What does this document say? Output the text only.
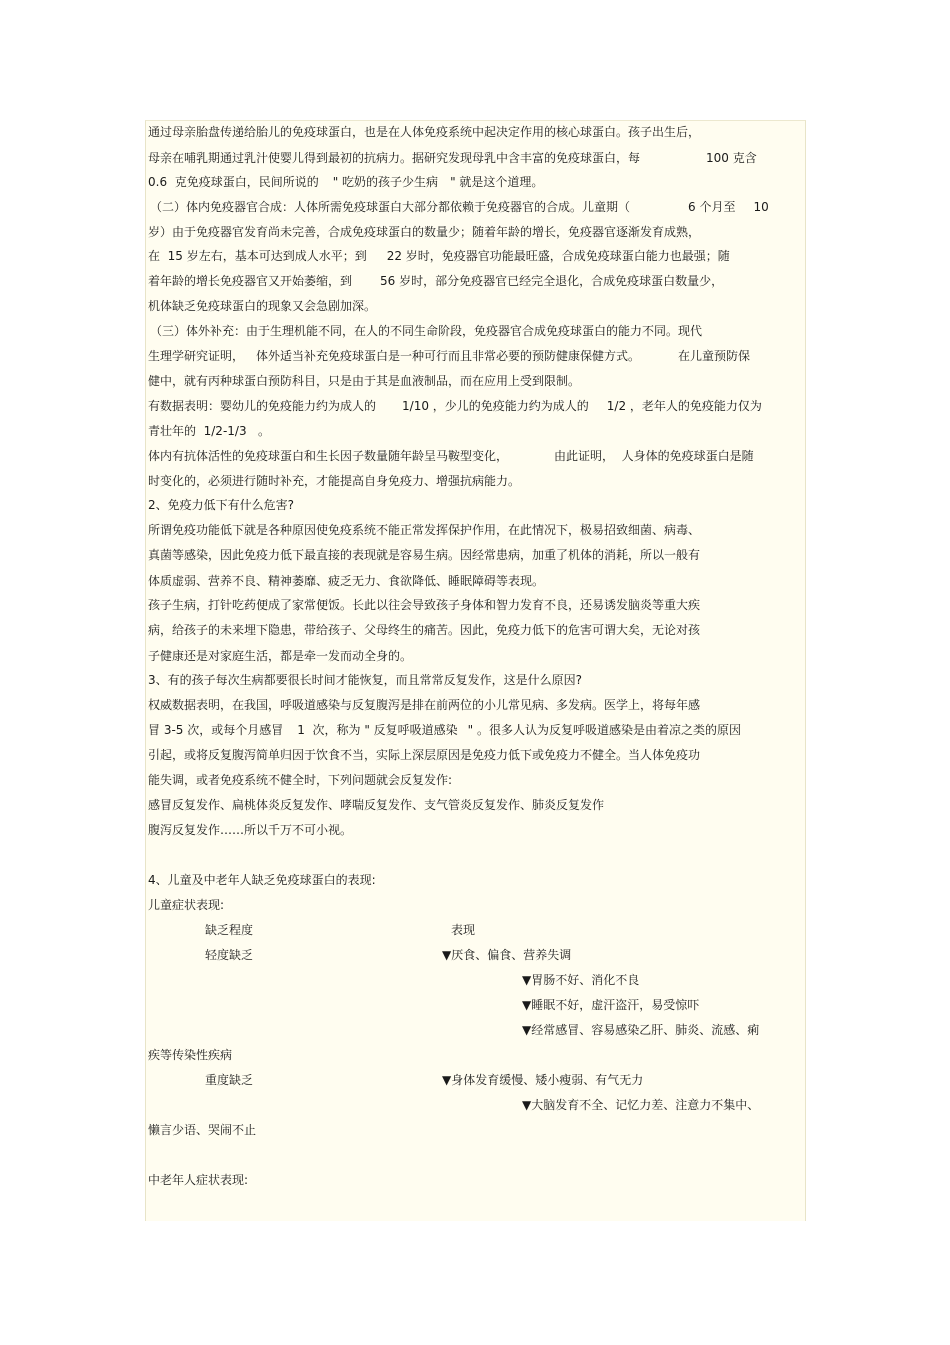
通过母亲胎盘传递给胎儿的免疫球蛋白，也是在人体免疫系统中起决定作用的核心球蛋白。孩子出生后，
母亲在哺乳期通过乳汁使婴儿得到最初的抗病力。据研究发现母乳中含丰富的免疫球蛋白，每	100 克含
0.6  克免疫球蛋白，民间所说的 " 吃奶的孩子少生病 " 就是这个道理。
（二）体内免疫器官合成：人体所需免疫球蛋白大部分都依赖于免疫器官的合成。儿童期（	6 个月至 10
岁）由于免疫器官发育尚未完善，合成免疫球蛋白的数量少；随着年龄的增长，免疫器官逐渐发育成熟，
在  15 岁左右，基本可达到成人水平；到 22 岁时，免疫器官功能最旺盛，合成免疫球蛋白能力也最强；随
着年龄的增长免疫器官又开始萎缩，到 56 岁时，部分免疫器官已经完全退化，合成免疫球蛋白数量少，
机体缺乏免疫球蛋白的现象又会急剧加深。
（三）体外补充：由于生理机能不同，在人的不同生命阶段，免疫器官合成免疫球蛋白的能力不同。现代
生理学研究证明， 体外适当补充免疫球蛋白是一种可行而且非常必要的预防健康保健方式。	在儿童预防保
健中，就有丙种球蛋白预防科目，只是由于其是血液制品，而在应用上受到限制。
有数据表明：婴幼儿的免疫能力约为成人的 1/10 ，少儿的免疫能力约为成人的 1/2 ，老年人的免疫能力仅为
青壮年的  1/2-1/3   。
体内有抗体活性的免疫球蛋白和生长因子数量随年龄呈马鞍型变化，	由此证明，  人身体的免疫球蛋白是随
时变化的，必须进行随时补充，才能提高自身免疫力、增强抗病能力。
2、免疫力低下有什么危害?
所谓免疫功能低下就是各种原因使免疫系统不能正常发挥保护作用，在此情况下，极易招致细菌、病毒、
真菌等感染，因此免疫力低下最直接的表现就是容易生病。因经常患病，加重了机体的消耗，所以一般有
体质虚弱、营养不良、精神萎靡、疲乏无力、食欲降低、睡眠障碍等表现。
孩子生病，打针吃药便成了家常便饭。长此以往会导致孩子身体和智力发育不良，还易诱发脑炎等重大疾
病，给孩子的未来埋下隐患，带给孩子、父母终生的痛苦。因此，免疫力低下的危害可谓大矣，无论对孩
子健康还是对家庭生活，都是牵一发而动全身的。
3、有的孩子每次生病都要很长时间才能恢复，而且常常反复发作，这是什么原因?
权威数据表明，在我国，呼吸道感染与反复腹泻是排在前两位的小儿常见病、多发病。医学上，将每年感
冒 3-5 次，或每个月感冒 1  次，称为 " 反复呼吸道感染 " 。很多人认为反复呼吸道感染是由着凉之类的原因
引起，或将反复腹泻简单归因于饮食不当，实际上深层原因是免疫力低下或免疫力不健全。当人体免疫功
能失调，或者免疫系统不健全时，下列问题就会反复发作:
感冒反复发作、扁桃体炎反复发作、哮喘反复发作、支气管炎反复发作、肺炎反复发作
腹泻反复发作……所以千万不可小视。
4、儿童及中老年人缺乏免疫球蛋白的表现:
儿童症状表现:
缺乏程度	表现
轻度缺乏	▼厌食、偏食、营养失调
▼胃肠不好、消化不良
▼睡眠不好，虚汗盗汗，易受惊吓
▼经常感冒、容易感染乙肝、肺炎、流感、痢
疾等传染性疾病
重度缺乏	▼身体发育缓慢、矮小瘦弱、有气无力
▼大脑发育不全、记忆力差、注意力不集中、
懒言少语、哭闹不止
中老年人症状表现:
